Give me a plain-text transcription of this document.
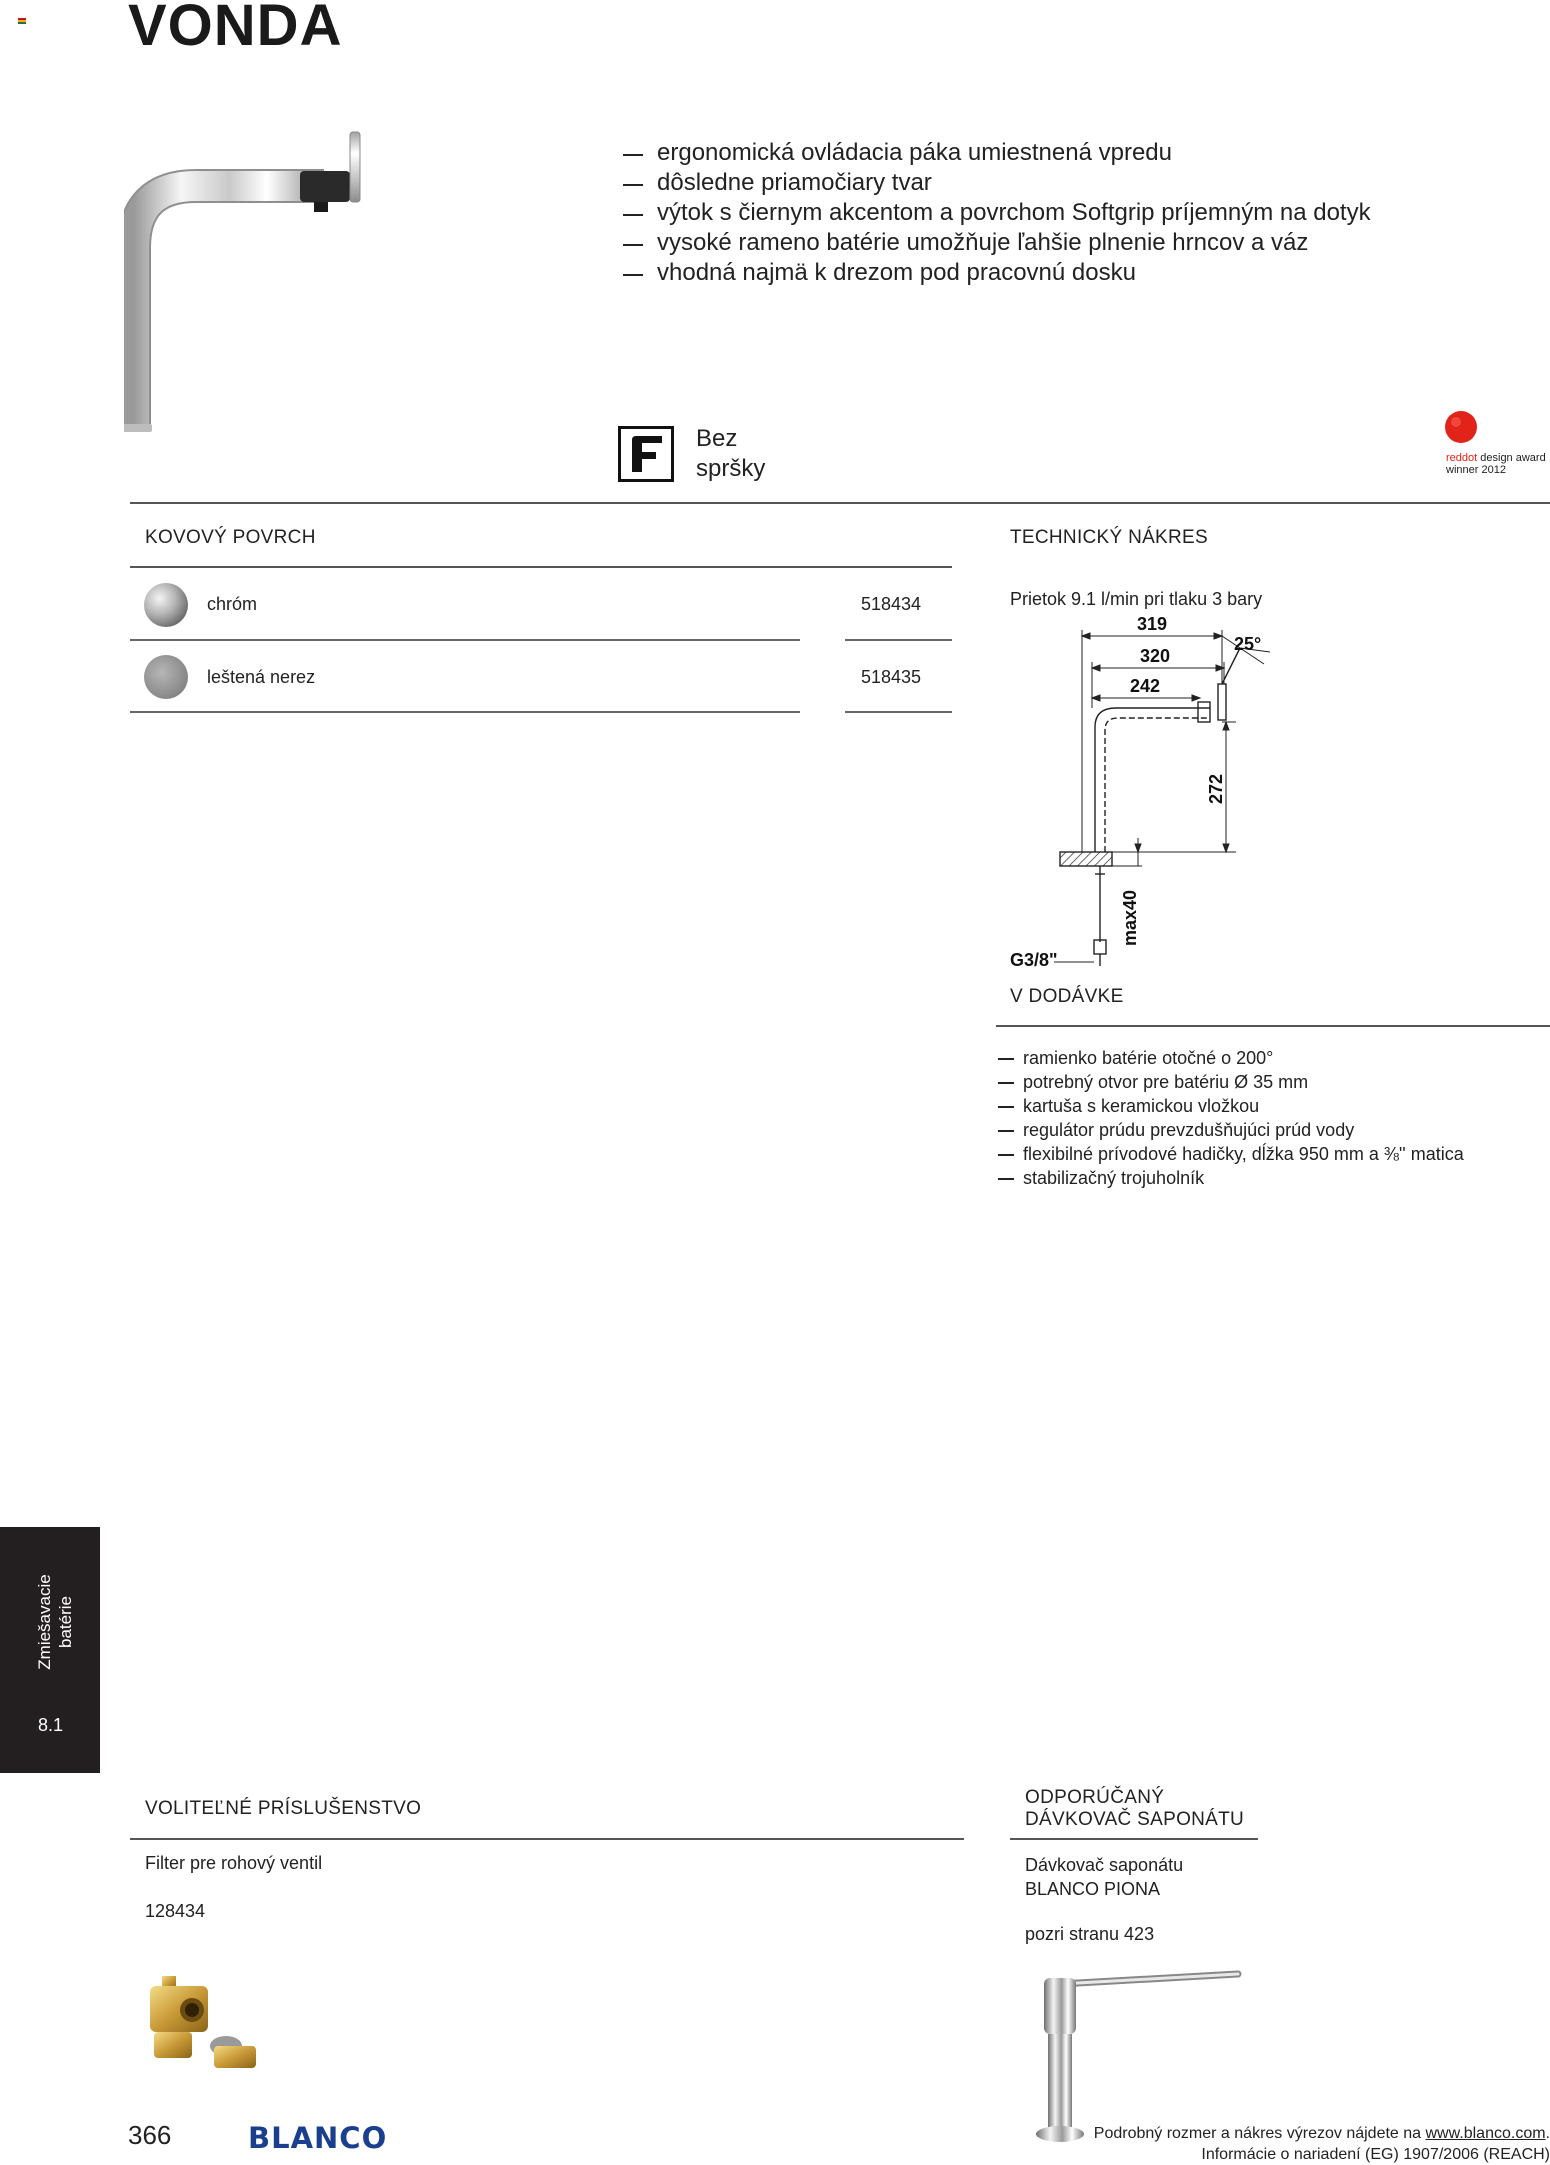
VONDA
ergonomická ovládacia páka umiestnená vpredu
dôsledne priamočiary tvar
výtok s čiernym akcentom a povrchom Softgrip príjemným na dotyk
vysoké rameno batérie umožňuje ľahšie plnenie hrncov a váz
vhodná najmä k drezom pod pracovnú dosku
Bez
spršky	reddot design award
winner 2012
KOVOVÝ POVRCH
chróm	518434
leštená nerez	518435
TECHNICKÝ NÁKRES
Prietok 9.1 l/min pri tlaku 3 bary
319
320
242
25°
272
max40
G3/8"
V DODÁVKE
ramienko batérie otočné o 200°
potrebný otvor pre batériu Ø 35 mm
kartuša s keramickou vložkou
regulátor prúdu prevzdušňujúci prúd vody
flexibilné prívodové hadičky, dĺžka 950 mm a ⅜'' matica
stabilizačný trojuholník
Zmiešavacie batérie
8.1
VOLITEĽNÉ PRÍSLUŠENSTVO
Filter pre rohový ventil
128434
ODPORÚČANÝ
DÁVKOVAČ SAPONÁTU
Dávkovač saponátu
BLANCO PIONA
pozri stranu 423
366	BLANCO	Podrobný rozmer a nákres výrezov nájdete na www.blanco.com.
Informácie o nariadení (EG) 1907/2006 (REACH)
